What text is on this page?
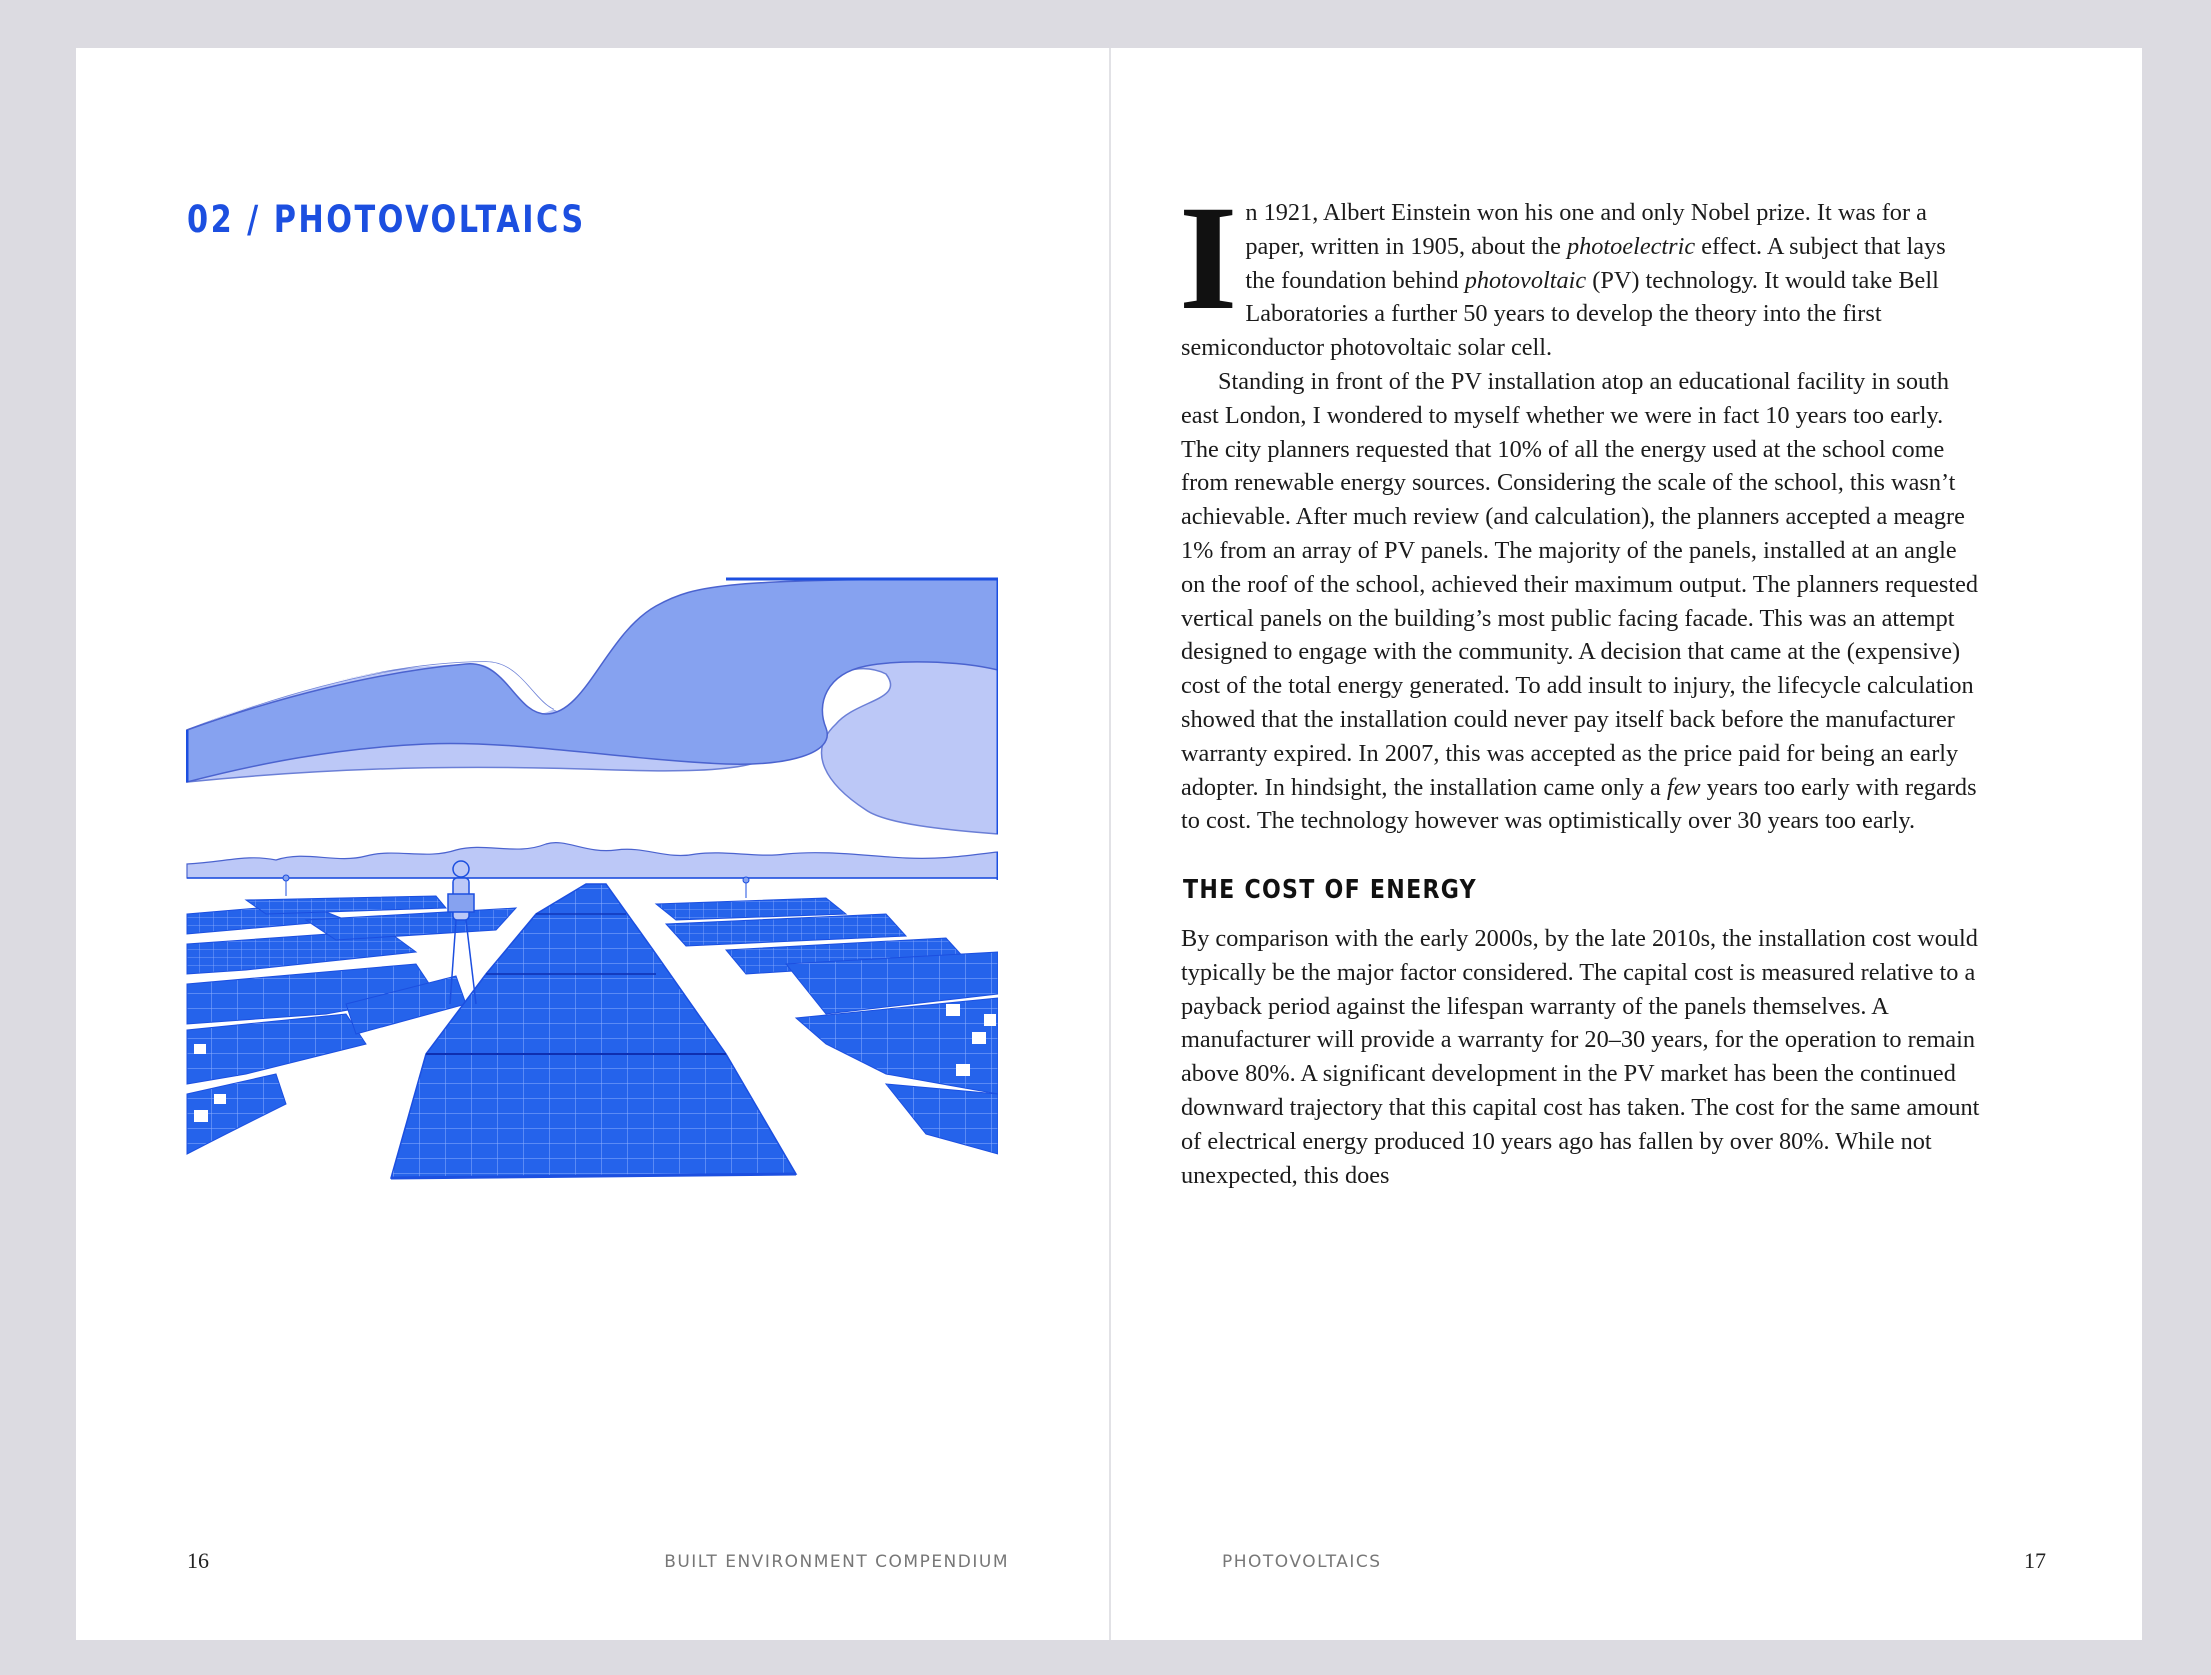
02 / PHOTOVOLTAICS
16	BUILT ENVIRONMENT COMPENDIUM	PHOTOVOLTAICS	17

In 1921, Albert Einstein won his one and only Nobel prize. It was for a paper, written in 1905, about the photoelectric effect. A subject that lays the foundation behind photovoltaic (PV) technology. It would take Bell Laboratories a further 50 years to develop the theory into the first semiconductor photovoltaic solar cell.

Standing in front of the PV installation atop an educational facility in south east London, I wondered to myself whether we were in fact 10 years too early. The city planners requested that 10% of all the energy used at the school come from renewable energy sources. Considering the scale of the school, this wasn’t achievable. After much review (and calculation), the planners accepted a meagre 1% from an array of PV panels. The majority of the panels, installed at an angle on the roof of the school, achieved their maximum output. The planners requested vertical panels on the building’s most public facing facade. This was an attempt designed to engage with the community. A decision that came at the (expensive) cost of the total energy generated. To add insult to injury, the lifecycle calculation showed that the installation could never pay itself back before the manufacturer warranty expired. In 2007, this was accepted as the price paid for being an early adopter. In hindsight, the installation came only a few years too early with regards to cost. The technology however was optimistically over 30 years too early.

THE COST OF ENERGY

By comparison with the early 2000s, by the late 2010s, the installation cost would typically be the major factor considered. The capital cost is measured relative to a payback period against the lifespan warranty of the panels themselves. A manufacturer will provide a warranty for 20–30 years, for the operation to remain above 80%. A significant development in the PV market has been the continued downward trajectory that this capital cost has taken. The cost for the same amount of electrical energy produced 10 years ago has fallen by over 80%. While not unexpected, this does
